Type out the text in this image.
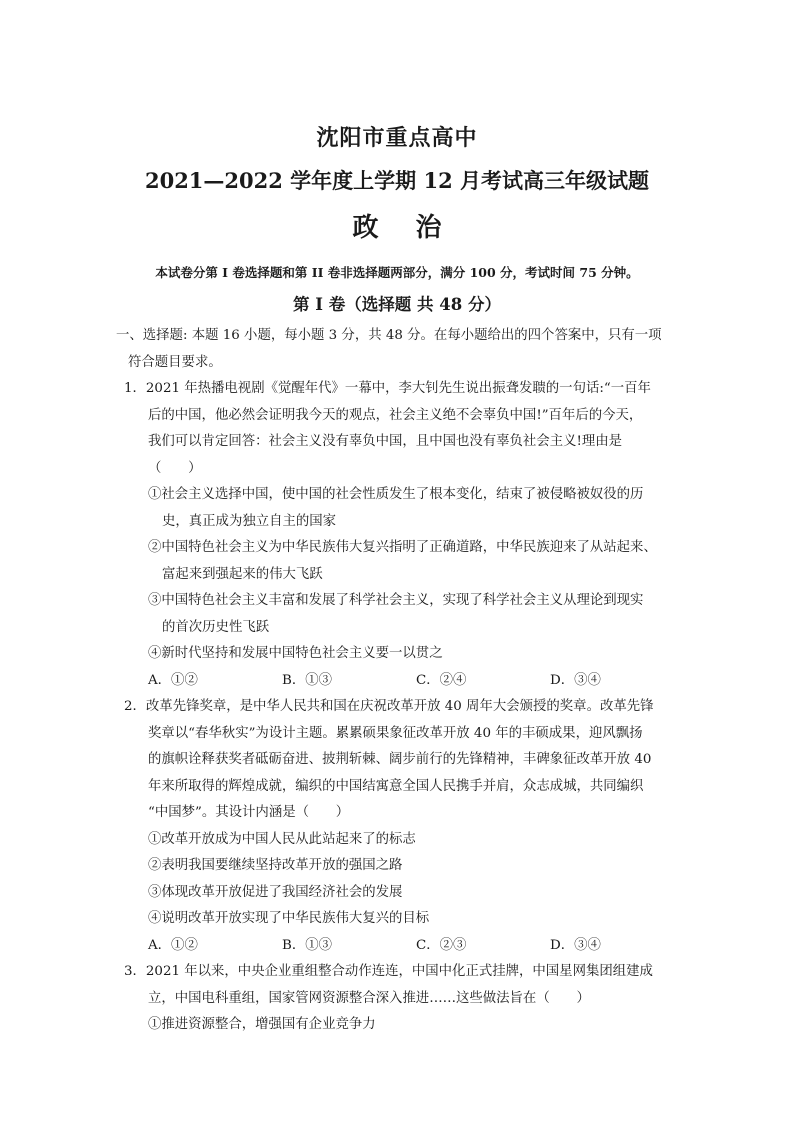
沈阳市重点高中
2021—2022 学年度上学期 12 月考试高三年级试题
政 治
本试卷分第 I 卷选择题和第 II 卷非选择题两部分，满分 100 分，考试时间 75 分钟。
第 I 卷（选择题 共 48 分）
一、选择题: 本题 16 小题，每小题 3 分，共 48 分。在每小题给出的四个答案中，只有一项
符合题目要求。
1．2021 年热播电视剧《觉醒年代》一幕中，李大钊先生说出振聋发聩的一句话:“一百年
后的中国，他必然会证明我今天的观点，社会主义绝不会辜负中国!”百年后的今天，
我们可以肯定回答：社会主义没有辜负中国，且中国也没有辜负社会主义!理由是
（　　）
①社会主义选择中国，使中国的社会性质发生了根本变化，结束了被侵略被奴役的历
史，真正成为独立自主的国家
②中国特色社会主义为中华民族伟大复兴指明了正确道路，中华民族迎来了从站起来、
富起来到强起来的伟大飞跃
③中国特色社会主义丰富和发展了科学社会主义，实现了科学社会主义从理论到现实
的首次历史性飞跃
④新时代坚持和发展中国特色社会主义要一以贯之
A．①②	B．①③	C．②④	D．③④
2．改革先锋奖章，是中华人民共和国在庆祝改革开放 40 周年大会颁授的奖章。改革先锋
奖章以“春华秋实”为设计主题。累累硕果象征改革开放 40 年的丰硕成果，迎风飘扬
的旗帜诠释获奖者砥砺奋进、披荆斩棘、阔步前行的先锋精神，丰碑象征改革开放 40
年来所取得的辉煌成就，编织的中国结寓意全国人民携手并肩，众志成城，共同编织
“中国梦”。其设计内涵是（　　）
①改革开放成为中国人民从此站起来了的标志
②表明我国要继续坚持改革开放的强国之路
③体现改革开放促进了我国经济社会的发展
④说明改革开放实现了中华民族伟大复兴的目标
A．①②	B．①③	C．②③	D．③④
3．2021 年以来，中央企业重组整合动作连连，中国中化正式挂牌，中国星网集团组建成
立，中国电科重组，国家管网资源整合深入推进……这些做法旨在（　　）
①推进资源整合，增强国有企业竞争力
